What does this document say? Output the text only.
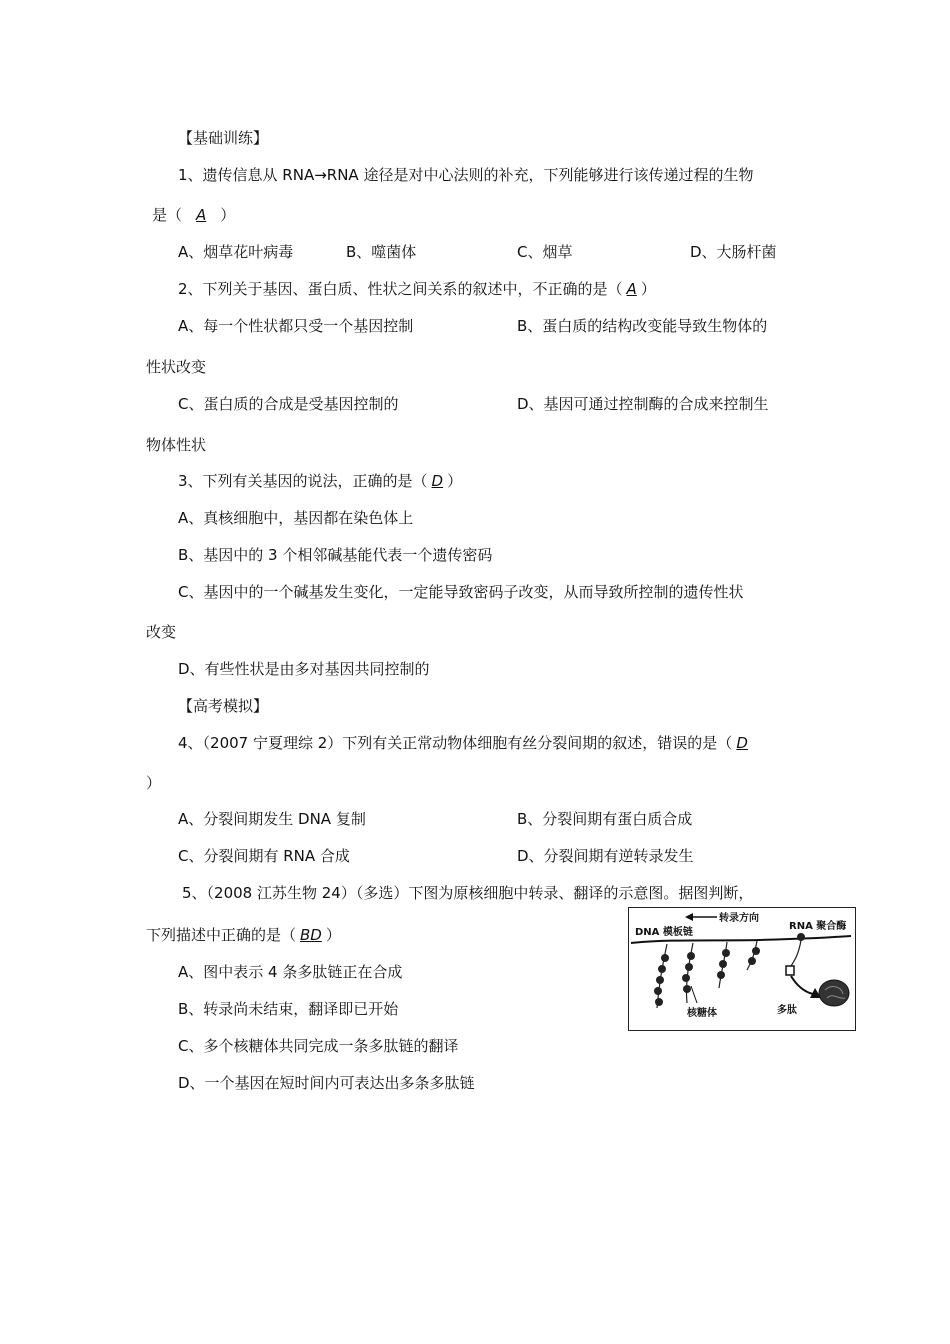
【基础训练】
1、遗传信息从 RNA→RNA 途径是对中心法则的补充，下列能够进行该传递过程的生物
是（ A ）
A、烟草花叶病毒	B、噬菌体	C、烟草	D、大肠杆菌
2、下列关于基因、蛋白质、性状之间关系的叙述中，不正确的是（ A ）
A、每一个性状都只受一个基因控制	B、蛋白质的结构改变能导致生物体的
性状改变
C、蛋白质的合成是受基因控制的	D、基因可通过控制酶的合成来控制生
物体性状
3、下列有关基因的说法，正确的是（ D ）
A、真核细胞中，基因都在染色体上
B、基因中的 3 个相邻碱基能代表一个遗传密码
C、基因中的一个碱基发生变化，一定能导致密码子改变，从而导致所控制的遗传性状
改变
D、有些性状是由多对基因共同控制的
【高考模拟】
4、（2007 宁夏理综 2）下列有关正常动物体细胞有丝分裂间期的叙述，错误的是（ D
）
A、分裂间期发生 DNA 复制	B、分裂间期有蛋白质合成
C、分裂间期有 RNA 合成	D、分裂间期有逆转录发生
5、（2008 江苏生物 24）（多选）下图为原核细胞中转录、翻译的示意图。据图判断，
下列描述中正确的是（ BD ）
A、图中表示 4 条多肽链正在合成
B、转录尚未结束，翻译即已开始
C、多个核糖体共同完成一条多肽链的翻译
D、一个基因在短时间内可表达出多条多肽链
转录方向
DNA 模板链
RNA 聚合酶
多肽
核糖体
